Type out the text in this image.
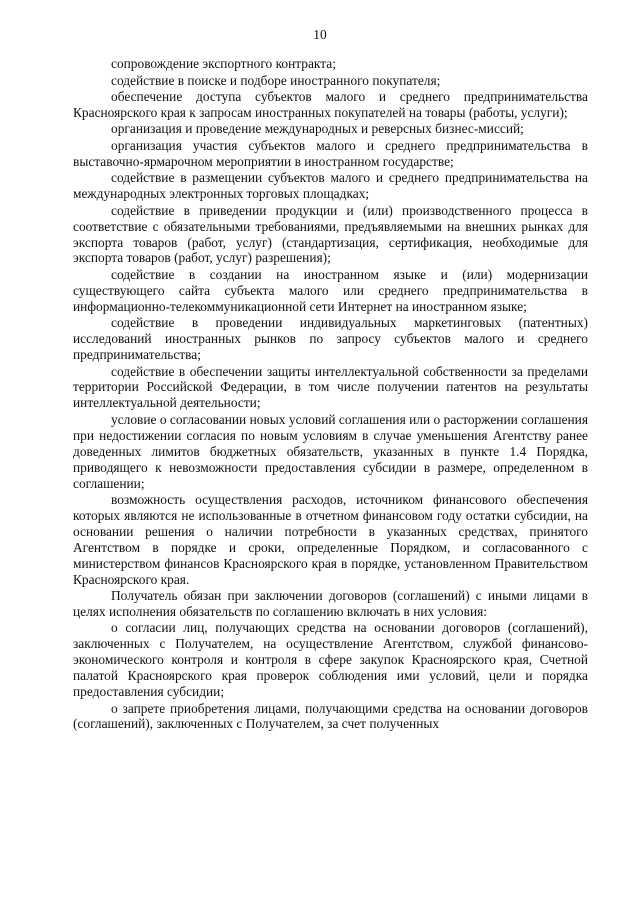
10

сопровождение экспортного контракта;

содействие в поиске и подборе иностранного покупателя;

обеспечение доступа субъектов малого и среднего предпринимательства Красноярского края к запросам иностранных покупателей на товары (работы, услуги);

организация и проведение международных и реверсных бизнес-миссий;

организация участия субъектов малого и среднего предпринимательства в выставочно-ярмарочном мероприятии в иностранном государстве;

содействие в размещении субъектов малого и среднего предпринимательства на международных электронных торговых площадках;

содействие в приведении продукции и (или) производственного процесса в соответствие с обязательными требованиями, предъявляемыми на внешних рынках для экспорта товаров (работ, услуг) (стандартизация, сертификация, необходимые для экспорта товаров (работ, услуг) разрешения);

содействие в создании на иностранном языке и (или) модернизации существующего сайта субъекта малого или среднего предпринимательства в информационно-телекоммуникационной сети Интернет на иностранном языке;

содействие в проведении индивидуальных маркетинговых (патентных) исследований иностранных рынков по запросу субъектов малого и среднего предпринимательства;

содействие в обеспечении защиты интеллектуальной собственности за пределами территории Российской Федерации, в том числе получении патентов на результаты интеллектуальной деятельности;

условие о согласовании новых условий соглашения или о расторжении соглашения при недостижении согласия по новым условиям в случае уменьшения Агентству ранее доведенных лимитов бюджетных обязательств, указанных в пункте 1.4 Порядка, приводящего к невозможности предоставления субсидии в размере, определенном в соглашении;

возможность осуществления расходов, источником финансового обеспечения которых являются не использованные в отчетном финансовом году остатки субсидии, на основании решения о наличии потребности в указанных средствах, принятого Агентством в порядке и сроки, определенные Порядком, и согласованного с министерством финансов Красноярского края в порядке, установленном Правительством Красноярского края.

Получатель обязан при заключении договоров (соглашений) с иными лицами в целях исполнения обязательств по соглашению включать в них условия:

о согласии лиц, получающих средства на основании договоров (соглашений), заключенных с Получателем, на осуществление Агентством, службой финансово-экономического контроля и контроля в сфере закупок Красноярского края, Счетной палатой Красноярского края проверок соблюдения ими условий, цели и порядка предоставления субсидии;

о запрете приобретения лицами, получающими средства на основании договоров (соглашений), заключенных с Получателем, за счет полученных
